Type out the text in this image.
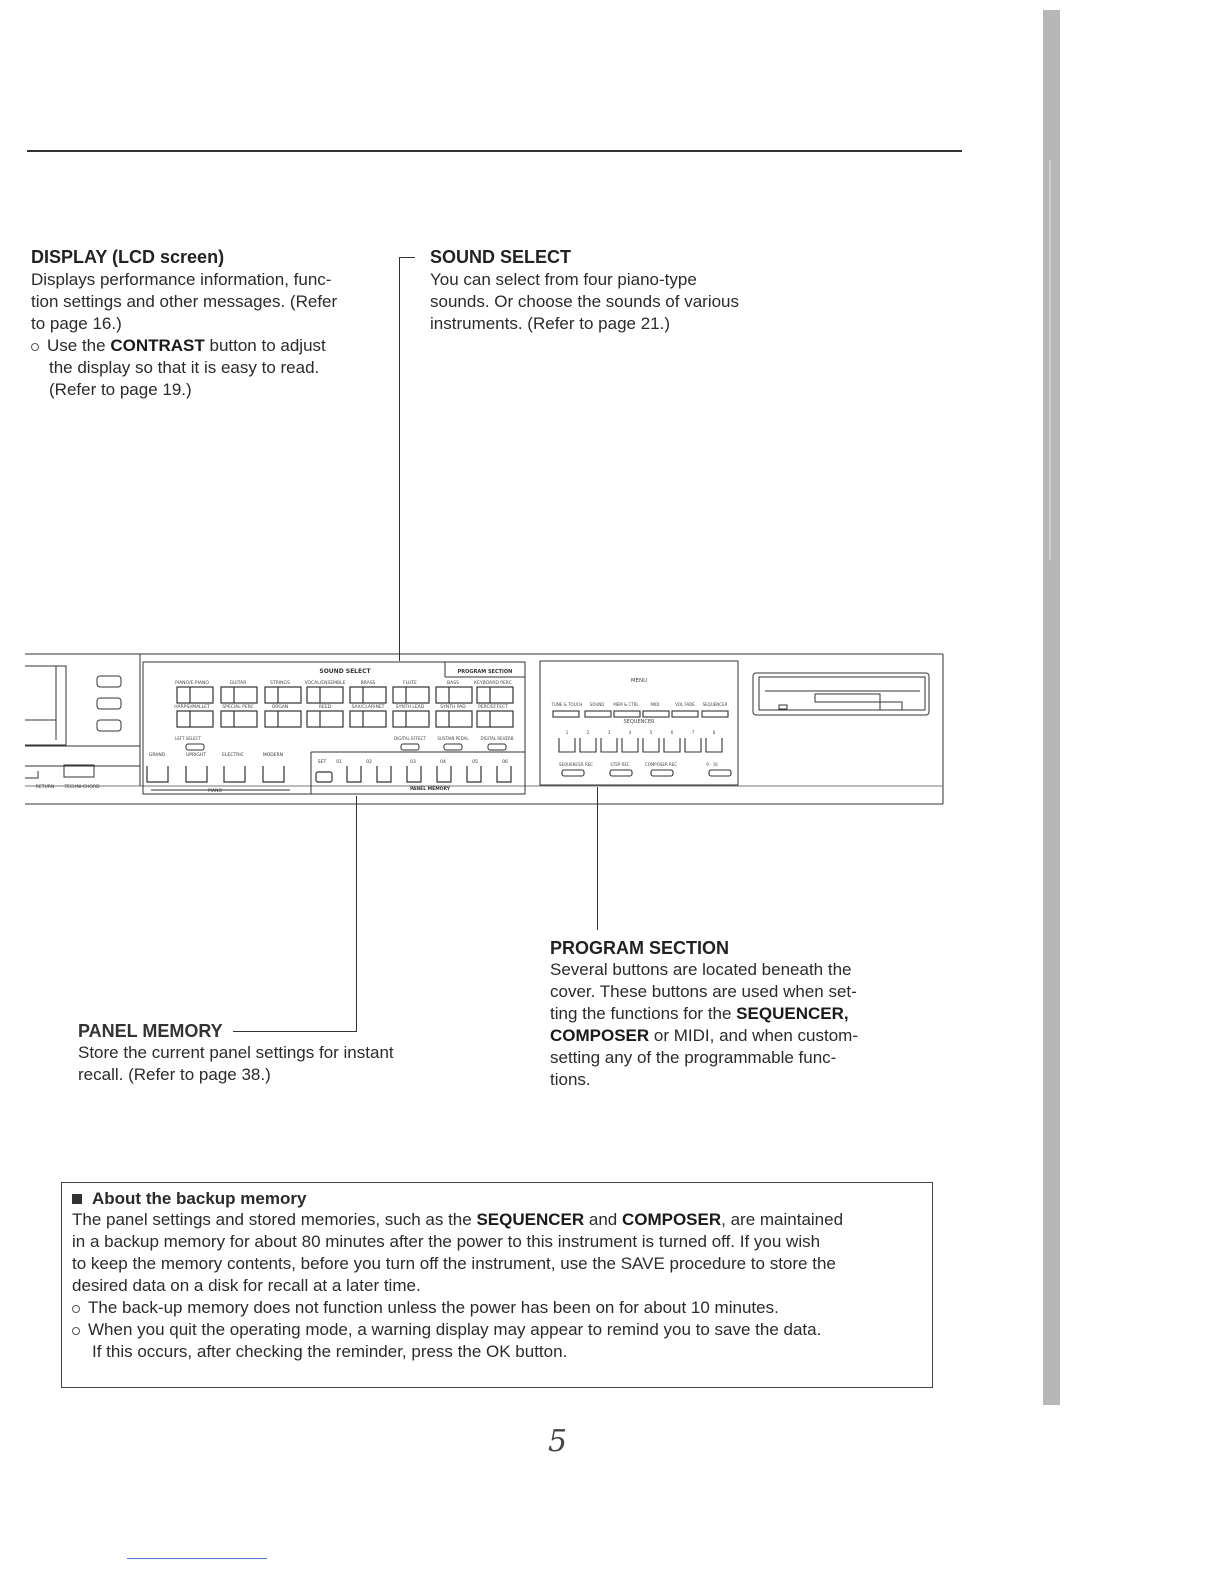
DISPLAY (LCD screen)
Displays performance information, func-
tion settings and other messages. (Refer
to page 16.)
Use the CONTRAST button to adjust
the display so that it is easy to read.
(Refer to page 19.)
SOUND SELECT
You can select from four piano-type
sounds. Or choose the sounds of various
instruments. (Refer to page 21.)
SOUND SELECT	PROGRAM SECTION
PIANO/E.PIANO	GUITAR	STRINGS	VOCAL/ENSEMBLE	BRASS	FLUTE	BASS	KEYBOARD PERC
HARPSI/MALLET	SPECIAL PERC	ORGAN	REED	SAX/CLARINET	SYNTH LEAD	SYNTH PAD	PERC/EFFECT
DIGITAL EFFECT	SUSTAIN PEDAL	DIGITAL REVERB
LEFT SELECT
GRAND	UPRIGHT	ELECTRIC	MODERN
PIANO
SET 01	02	03	04	05	06
PANEL MEMORY
RETURN TECHNI-CHORD
MENU
TUNE & TOUCH SOUND MEM & CTRL	MIDI	VOL FADE SEQUENCER
SEQUENCER
1	2	3	4	5	6	7	8
SEQUENCER REC	STEP REC	COMPOSER REC	9 - 16
PANEL MEMORY
Store the current panel settings for instant
recall. (Refer to page 38.)
PROGRAM SECTION
Several buttons are located beneath the
cover. These buttons are used when set-
ting the functions for the SEQUENCER,
COMPOSER or MIDI, and when custom-
setting any of the programmable func-
tions.
About the backup memory
The panel settings and stored memories, such as the SEQUENCER and COMPOSER, are maintained
in a backup memory for about 80 minutes after the power to this instrument is turned off. If you wish
to keep the memory contents, before you turn off the instrument, use the SAVE procedure to store the
desired data on a disk for recall at a later time.
The back-up memory does not function unless the power has been on for about 10 minutes.
When you quit the operating mode, a warning display may appear to remind you to save the data.
If this occurs, after checking the reminder, press the OK button.
5
